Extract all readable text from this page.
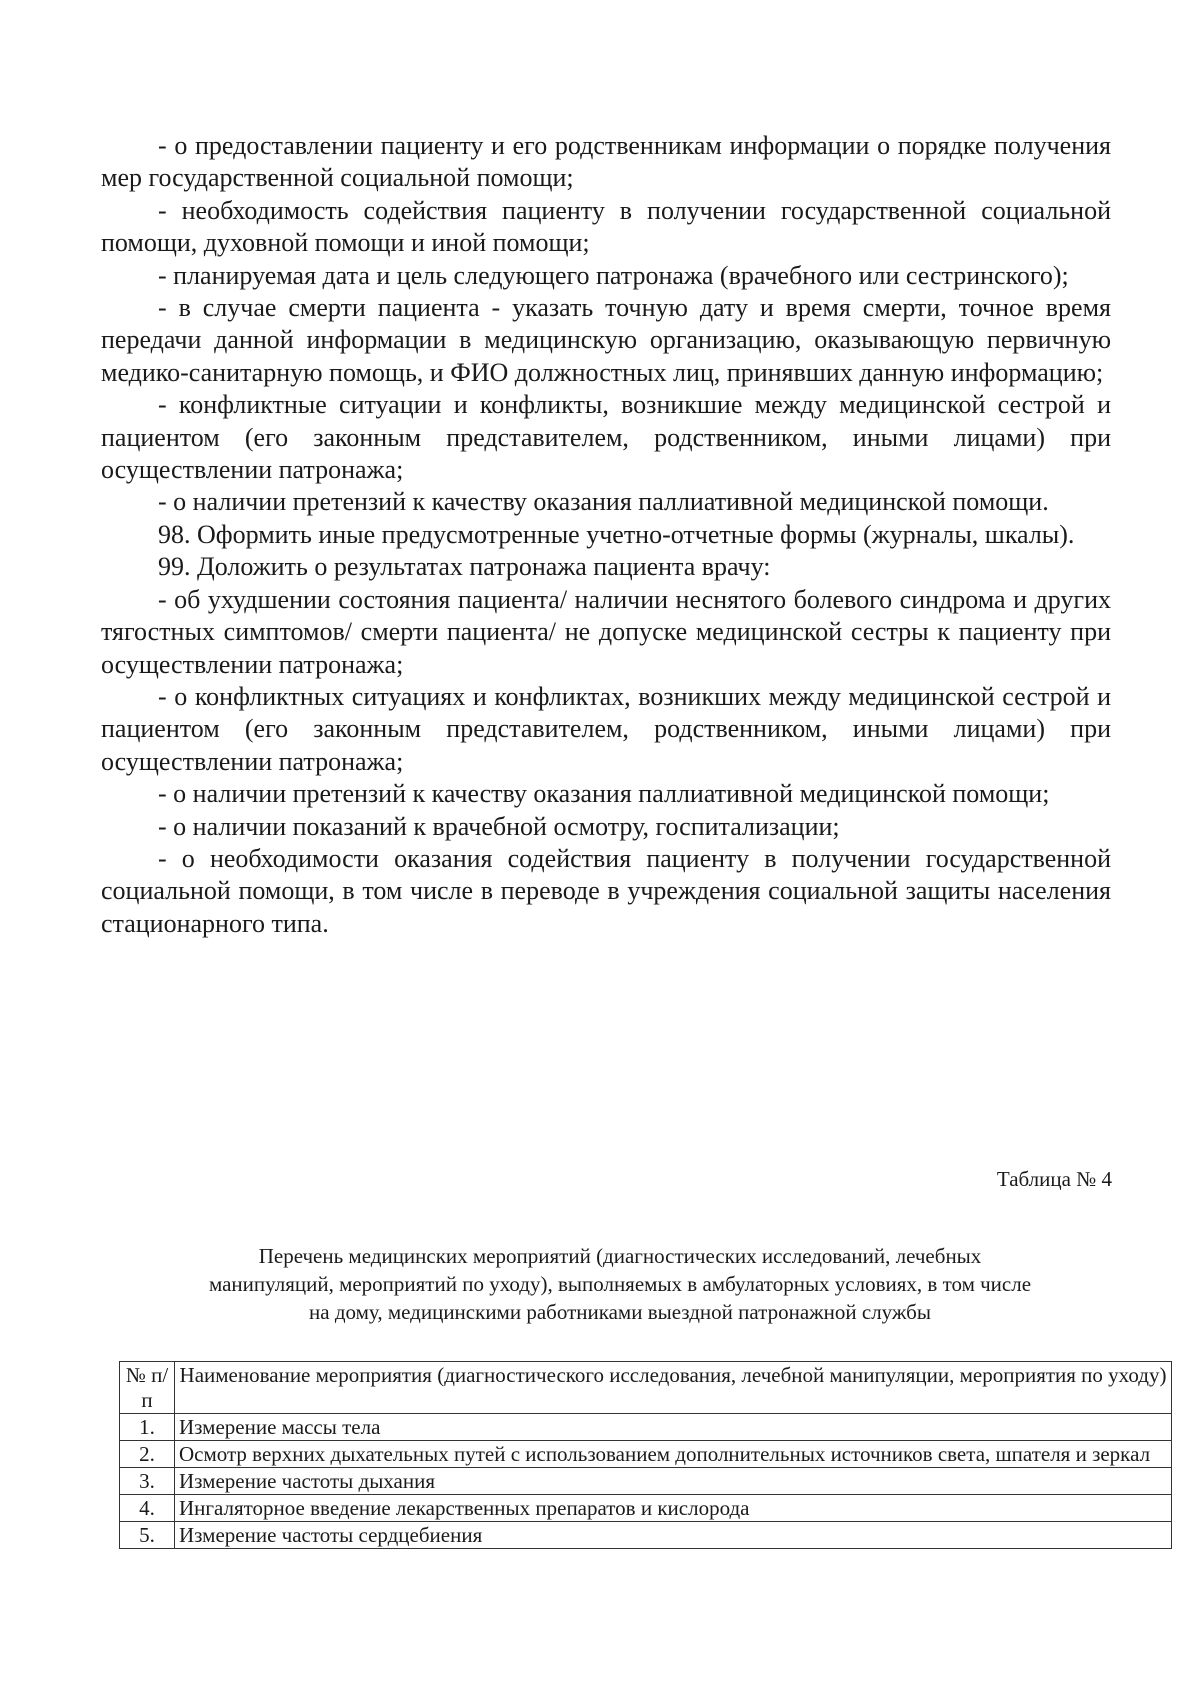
- о предоставлении пациенту и его родственникам информации о порядке получения мер государственной социальной помощи;

- необходимость содействия пациенту в получении государственной социальной помощи, духовной помощи и иной помощи;

- планируемая дата и цель следующего патронажа (врачебного или сестринского);

- в случае смерти пациента - указать точную дату и время смерти, точное время передачи данной информации в медицинскую организацию, оказывающую первичную медико-санитарную помощь, и ФИО должностных лиц, принявших данную информацию;

- конфликтные ситуации и конфликты, возникшие между медицинской сестрой и пациентом (его законным представителем, родственником, иными лицами) при осуществлении патронажа;

- о наличии претензий к качеству оказания паллиативной медицинской помощи.

98. Оформить иные предусмотренные учетно-отчетные формы (журналы, шкалы).

99. Доложить о результатах патронажа пациента врачу:

- об ухудшении состояния пациента/ наличии неснятого болевого синдрома и других тягостных симптомов/ смерти пациента/ не допуске медицинской сестры к пациенту при осуществлении патронажа;

- о конфликтных ситуациях и конфликтах, возникших между медицинской сестрой и пациентом (его законным представителем, родственником, иными лицами) при осуществлении патронажа;

- о наличии претензий к качеству оказания паллиативной медицинской помощи;

- о наличии показаний к врачебной осмотру, госпитализации;

- о необходимости оказания содействия пациенту в получении государственной социальной помощи, в том числе в переводе в учреждения социальной защиты населения стационарного типа.

Таблица № 4
Перечень медицинских мероприятий (диагностических исследований, лечебных
манипуляций, мероприятий по уходу), выполняемых в амбулаторных условиях, в том числе
на дому, медицинскими работниками выездной патронажной службы
№ п/п	Наименование мероприятия (диагностического исследования, лечебной манипуляции, мероприятия по уходу)
1.	Измерение массы тела
2.	Осмотр верхних дыхательных путей с использованием дополнительных источников света, шпателя и зеркал
3.	Измерение частоты дыхания
4.	Ингаляторное введение лекарственных препаратов и кислорода
5.	Измерение частоты сердцебиения
